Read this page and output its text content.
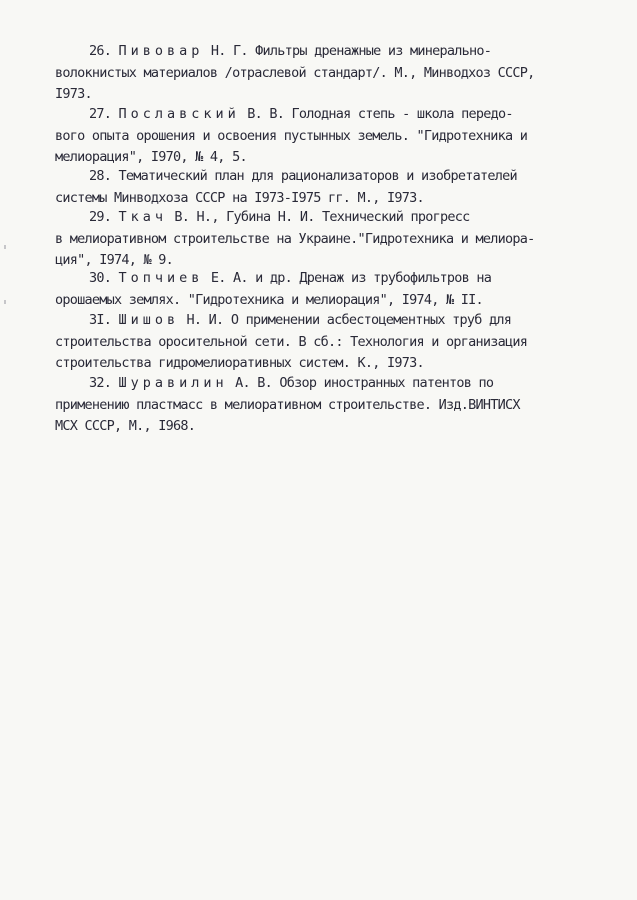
26. Пивовар Н. Г. Фильтры дренажные из минерально-
волокнистых материалов /отраслевой стандарт/. М., Минводхоз СССР,
I973.
27. Пославский В. В. Голодная степь - школа передо-
вого опыта орошения и освоения пустынных земель. "Гидротехника и
мелиорация", I970, № 4, 5.
28. Тематический план для рационализаторов и изобретателей
системы Минводхоза СССР на I973-I975 гг. М., I973.
29. Ткач В. Н., Губина Н. И. Технический прогресс
в мелиоративном строительстве на Украине."Гидротехника и мелиора-
ция", I974, № 9.
30. Топчиев Е. А. и др. Дренаж из трубофильтров на
орошаемых землях. "Гидротехника и мелиорация", I974, № II.
3I. Шишов Н. И. О применении асбестоцементных труб для
строительства оросительной сети. В сб.: Технология и организация
строительства гидромелиоративных систем. К., I973.
32. Шуравилин А. В. Обзор иностранных патентов по
применению пластмасс в мелиоративном строительстве. Изд.ВИНТИСХ
МСХ СССР, М., I968.
